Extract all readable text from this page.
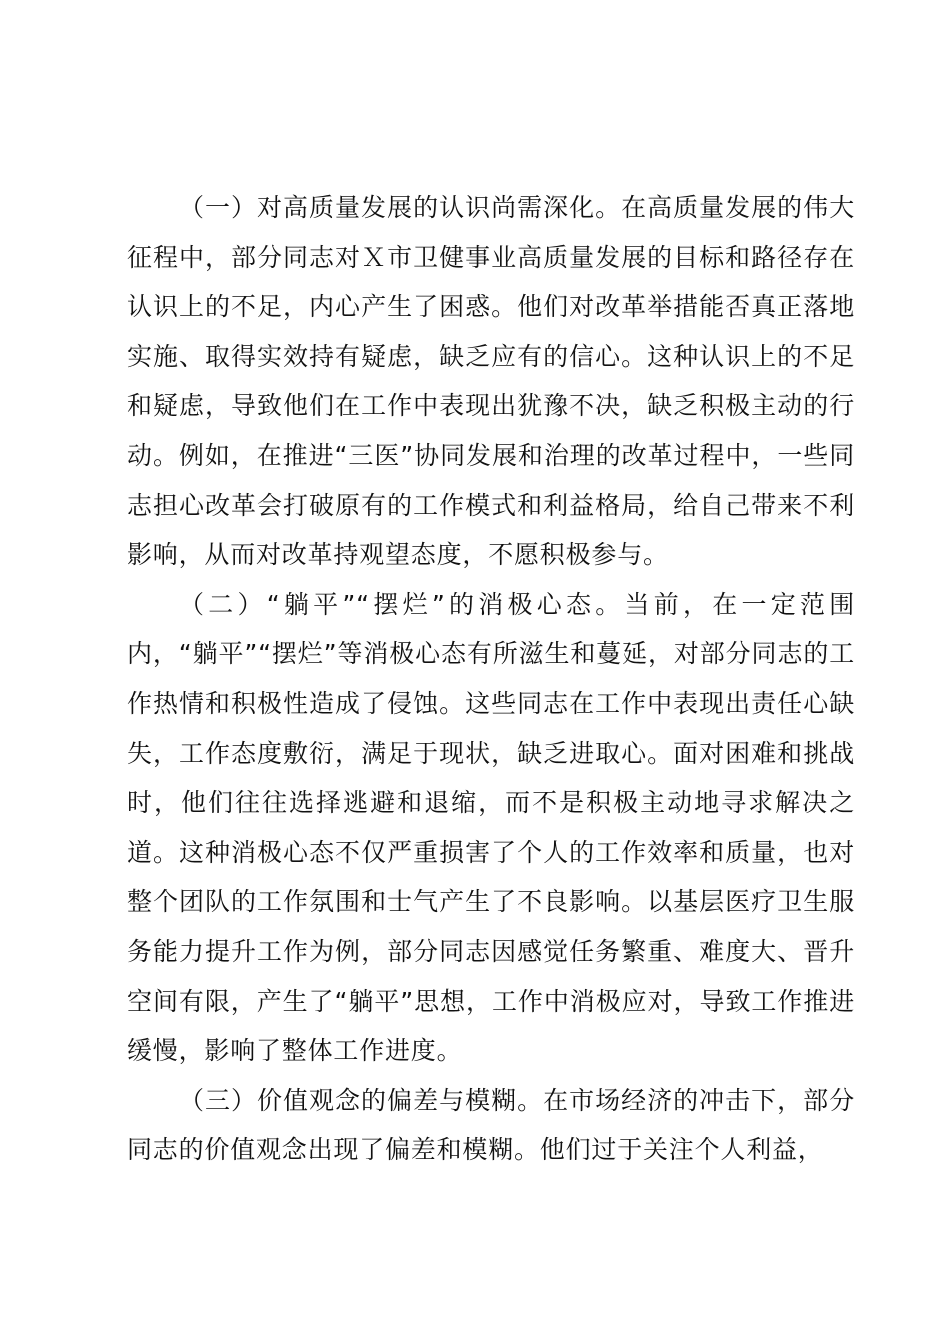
（一）对高质量发展的认识尚需深化。在高质量发展的伟大征程中，部分同志对Ｘ市卫健事业高质量发展的目标和路径存在认识上的不足，内心产生了困惑。他们对改革举措能否真正落地实施、取得实效持有疑虑，缺乏应有的信心。这种认识上的不足和疑虑，导致他们在工作中表现出犹豫不决，缺乏积极主动的行动。例如，在推进“三医”协同发展和治理的改革过程中，一些同志担心改革会打破原有的工作模式和利益格局，给自己带来不利影响，从而对改革持观望态度，不愿积极参与。

（二）“躺平”“摆烂”的消极心态。当前，在一定范围内，“躺平”“摆烂”等消极心态有所滋生和蔓延，对部分同志的工作热情和积极性造成了侵蚀。这些同志在工作中表现出责任心缺失，工作态度敷衍，满足于现状，缺乏进取心。面对困难和挑战时，他们往往选择逃避和退缩，而不是积极主动地寻求解决之道。这种消极心态不仅严重损害了个人的工作效率和质量，也对整个团队的工作氛围和士气产生了不良影响。以基层医疗卫生服务能力提升工作为例，部分同志因感觉任务繁重、难度大、晋升空间有限，产生了“躺平”思想，工作中消极应对，导致工作推进缓慢，影响了整体工作进度。

（三）价值观念的偏差与模糊。在市场经济的冲击下，部分同志的价值观念出现了偏差和模糊。他们过于关注个人利益，
